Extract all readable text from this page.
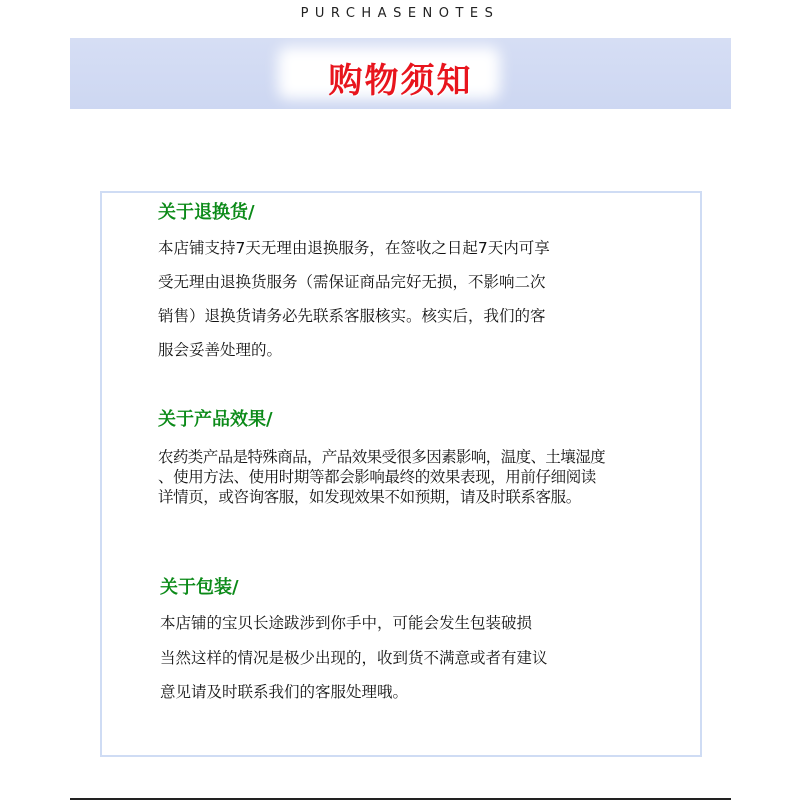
PURCHASENOTES
购物须知
关于退换货/
本店铺支持7天无理由退换服务，在签收之日起7天内可享
受无理由退换货服务（需保证商品完好无损，不影响二次
销售）退换货请务必先联系客服核实。核实后，我们的客
服会妥善处理的。
关于产品效果/
农药类产品是特殊商品，产品效果受很多因素影响，温度、土壤湿度
、使用方法、使用时期等都会影响最终的效果表现，用前仔细阅读
详情页，或咨询客服，如发现效果不如预期，请及时联系客服。
关于包装/
本店铺的宝贝长途跋涉到你手中，可能会发生包装破损
当然这样的情况是极少出现的，收到货不满意或者有建议
意见请及时联系我们的客服处理哦。
